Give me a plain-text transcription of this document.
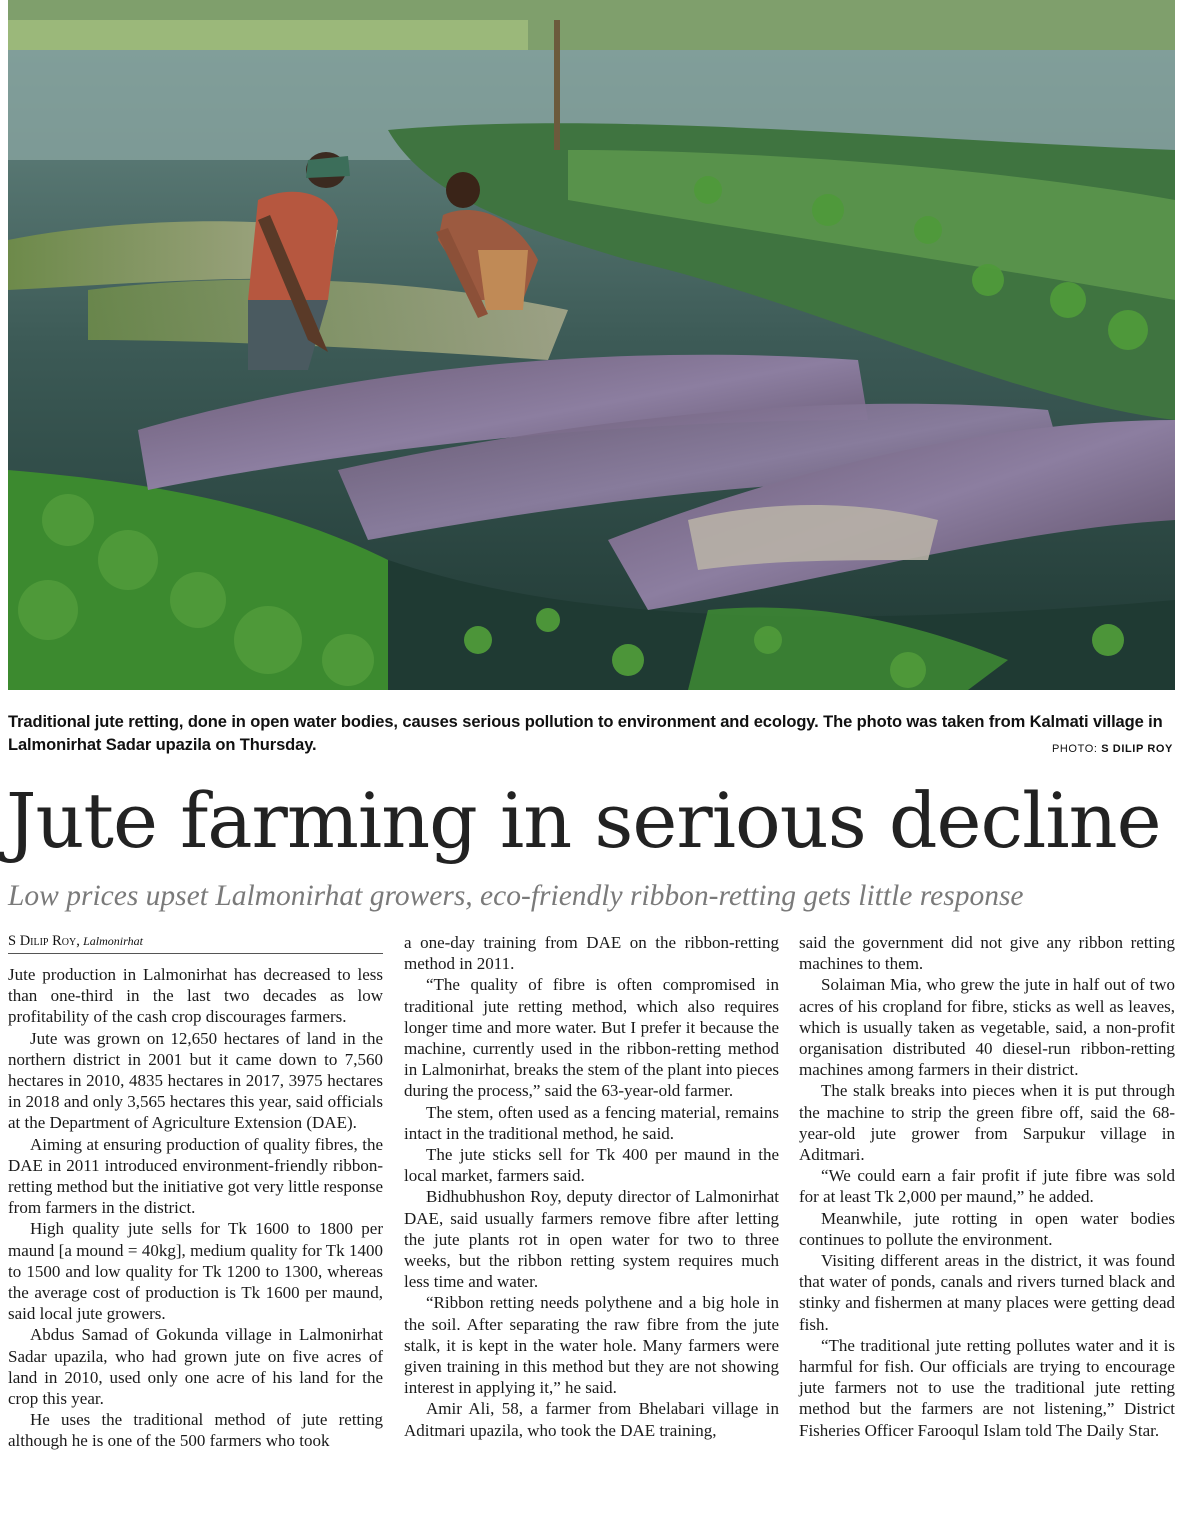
Traditional jute retting, done in open water bodies, causes serious pollution to environment and ecology. The photo was taken from Kalmati village in Lalmonirhat Sadar upazila on Thursday.	PHOTO: S DILIP ROY
Jute farming in serious decline
Low prices upset Lalmonirhat growers, eco-friendly ribbon-retting gets little response
S Dilip Roy, Lalmonirhat

Jute production in Lalmonirhat has decreased to less than one-third in the last two decades as low profitability of the cash crop discourages farmers.

Jute was grown on 12,650 hectares of land in the northern district in 2001 but it came down to 7,560 hectares in 2010, 4835 hectares in 2017, 3975 hectares in 2018 and only 3,565 hectares this year, said officials at the Department of Agriculture Extension (DAE).

Aiming at ensuring production of quality fibres, the DAE in 2011 introduced environment-friendly ribbon-retting method but the initiative got very little response from farmers in the district.

High quality jute sells for Tk 1600 to 1800 per maund [a mound = 40kg], medium quality for Tk 1400 to 1500 and low quality for Tk 1200 to 1300, whereas the average cost of production is Tk 1600 per maund, said local jute growers.

Abdus Samad of Gokunda village in Lalmonirhat Sadar upazila, who had grown jute on five acres of land in 2010, used only one acre of his land for the crop this year.

He uses the traditional method of jute retting although he is one of the 500 farmers who took

a one-day training from DAE on the ribbon-retting method in 2011.

“The quality of fibre is often compromised in traditional jute retting method, which also requires longer time and more water. But I prefer it because the machine, currently used in the ribbon-retting method in Lalmonirhat, breaks the stem of the plant into pieces during the process,” said the 63-year-old farmer.

The stem, often used as a fencing material, remains intact in the traditional method, he said.

The jute sticks sell for Tk 400 per maund in the local market, farmers said.

Bidhubhushon Roy, deputy director of Lalmonirhat DAE, said usually farmers remove fibre after letting the jute plants rot in open water for two to three weeks, but the ribbon retting system requires much less time and water.

“Ribbon retting needs polythene and a big hole in the soil. After separating the raw fibre from the jute stalk, it is kept in the water hole. Many farmers were given training in this method but they are not showing interest in applying it,” he said.

Amir Ali, 58, a farmer from Bhelabari village in Aditmari upazila, who took the DAE training,

said the government did not give any ribbon retting machines to them.

Solaiman Mia, who grew the jute in half out of two acres of his cropland for fibre, sticks as well as leaves, which is usually taken as vegetable, said, a non-profit organisation distributed 40 diesel-run ribbon-retting machines among farmers in their district.

The stalk breaks into pieces when it is put through the machine to strip the green fibre off, said the 68-year-old jute grower from Sarpukur village in Aditmari.

“We could earn a fair profit if jute fibre was sold for at least Tk 2,000 per maund,” he added.

Meanwhile, jute rotting in open water bodies continues to pollute the environment.

Visiting different areas in the district, it was found that water of ponds, canals and rivers turned black and stinky and fishermen at many places were getting dead fish.

“The traditional jute retting pollutes water and it is harmful for fish. Our officials are trying to encourage jute farmers not to use the traditional jute retting method but the farmers are not listening,” District Fisheries Officer Farooqul Islam told The Daily Star.
